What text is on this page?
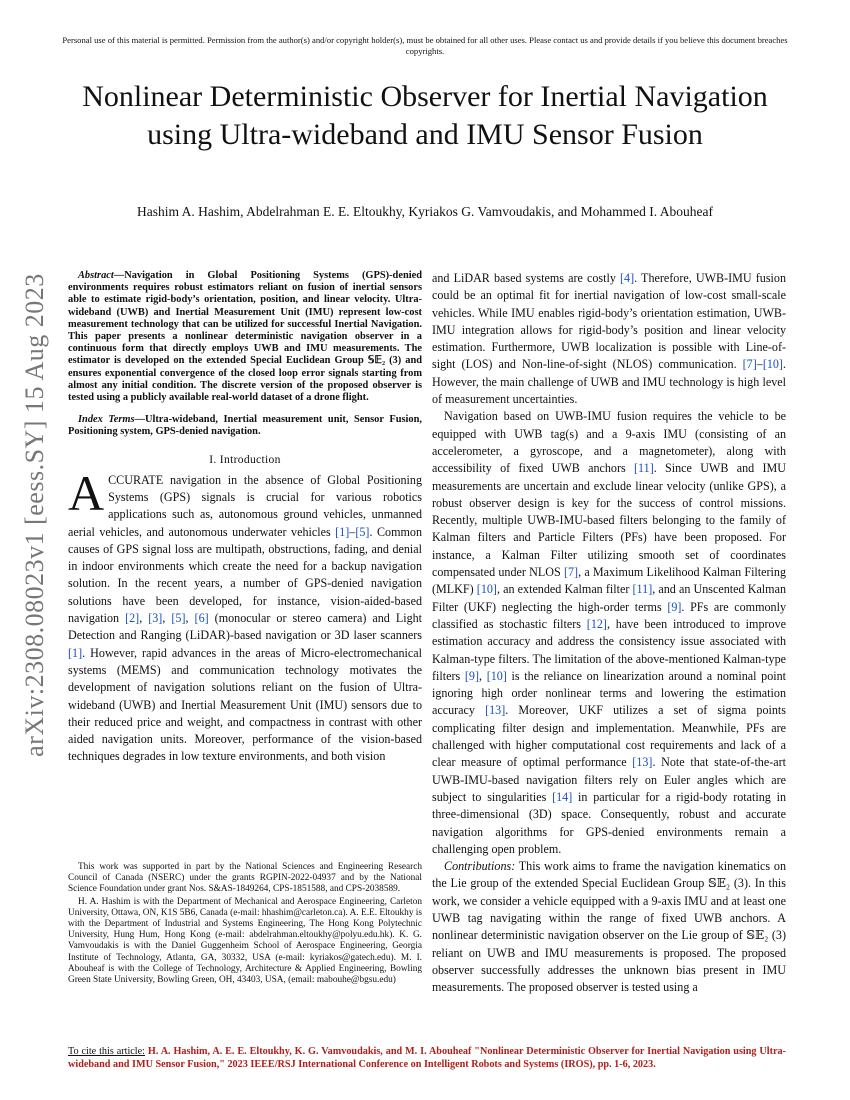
Personal use of this material is permitted. Permission from the author(s) and/or copyright holder(s), must be obtained for all other uses. Please contact us and provide details if you believe this document breaches copyrights.
Nonlinear Deterministic Observer for Inertial Navigation using Ultra-wideband and IMU Sensor Fusion
Hashim A. Hashim, Abdelrahman E. E. Eltoukhy, Kyriakos G. Vamvoudakis, and Mohammed I. Abouheaf
arXiv:2308.08023v1 [eess.SY] 15 Aug 2023	Abstract—Navigation in Global Positioning Systems (GPS)-denied environments requires robust estimators reliant on fusion of inertial sensors able to estimate rigid-body’s orientation, position, and linear velocity. Ultra-wideband (UWB) and Inertial Measurement Unit (IMU) represent low-cost measurement technology that can be utilized for successful Inertial Navigation. This paper presents a nonlinear deterministic navigation observer in a continuous form that directly employs UWB and IMU measurements. The estimator is developed on the extended Special Euclidean Group 𝕊𝔼₂ (3) and ensures exponential convergence of the closed loop error signals starting from almost any initial condition. The discrete version of the proposed observer is tested using a publicly available real-world dataset of a drone flight.

Index Terms—Ultra-wideband, Inertial measurement unit, Sensor Fusion, Positioning system, GPS-denied navigation.

I. Introduction

ACCURATE navigation in the absence of Global Positioning Systems (GPS) signals is crucial for various robotics applications such as, autonomous ground vehicles, unmanned aerial vehicles, and autonomous underwater vehicles [1]–[5]. Common causes of GPS signal loss are multipath, obstructions, fading, and denial in indoor environments which create the need for a backup navigation solution. In the recent years, a number of GPS-denied navigation solutions have been developed, for instance, vision-aided-based navigation [2], [3], [5], [6] (monocular or stereo camera) and Light Detection and Ranging (LiDAR)-based navigation or 3D laser scanners [1]. However, rapid advances in the areas of Micro-electromechanical systems (MEMS) and communication technology motivates the development of navigation solutions reliant on the fusion of Ultra-wideband (UWB) and Inertial Measurement Unit (IMU) sensors due to their reduced price and weight, and compactness in contrast with other aided navigation units. Moreover, performance of the vision-based techniques degrades in low texture environments, and both vision

This work was supported in part by the National Sciences and Engineering Research Council of Canada (NSERC) under the grants RGPIN-2022-04937 and by the National Science Foundation under grant Nos. S&AS-1849264, CPS-1851588, and CPS-2038589.

H. A. Hashim is with the Department of Mechanical and Aerospace Engineering, Carleton University, Ottawa, ON, K1S 5B6, Canada (e-mail: hhashim@carleton.ca). A. E.E. Eltoukhy is with the Department of Industrial and Systems Engineering, The Hong Kong Polytechnic University, Hung Hum, Hong Kong (e-mail: abdelrahman.eltoukhy@polyu.edu.hk). K. G. Vamvoudakis is with the Daniel Guggenheim School of Aerospace Engineering, Georgia Institute of Technology, Atlanta, GA, 30332, USA (e-mail: kyriakos@gatech.edu). M. I. Abouheaf is with the College of Technology, Architecture & Applied Engineering, Bowling Green State University, Bowling Green, OH, 43403, USA, (email: mabouhe@bgsu.edu)

and LiDAR based systems are costly [4]. Therefore, UWB-IMU fusion could be an optimal fit for inertial navigation of low-cost small-scale vehicles. While IMU enables rigid-body’s orientation estimation, UWB-IMU integration allows for rigid-body’s position and linear velocity estimation. Furthermore, UWB localization is possible with Line-of-sight (LOS) and Non-line-of-sight (NLOS) communication. [7]–[10]. However, the main challenge of UWB and IMU technology is high level of measurement uncertainties.

Navigation based on UWB-IMU fusion requires the vehicle to be equipped with UWB tag(s) and a 9-axis IMU (consisting of an accelerometer, a gyroscope, and a magnetometer), along with accessibility of fixed UWB anchors [11]. Since UWB and IMU measurements are uncertain and exclude linear velocity (unlike GPS), a robust observer design is key for the success of control missions. Recently, multiple UWB-IMU-based filters belonging to the family of Kalman filters and Particle Filters (PFs) have been proposed. For instance, a Kalman Filter utilizing smooth set of coordinates compensated under NLOS [7], a Maximum Likelihood Kalman Filtering (MLKF) [10], an extended Kalman filter [11], and an Unscented Kalman Filter (UKF) neglecting the high-order terms [9]. PFs are commonly classified as stochastic filters [12], have been introduced to improve estimation accuracy and address the consistency issue associated with Kalman-type filters. The limitation of the above-mentioned Kalman-type filters [9], [10] is the reliance on linearization around a nominal point ignoring high order nonlinear terms and lowering the estimation accuracy [13]. Moreover, UKF utilizes a set of sigma points complicating filter design and implementation. Meanwhile, PFs are challenged with higher computational cost requirements and lack of a clear measure of optimal performance [13]. Note that state-of-the-art UWB-IMU-based navigation filters rely on Euler angles which are subject to singularities [14] in particular for a rigid-body rotating in three-dimensional (3D) space. Consequently, robust and accurate navigation algorithms for GPS-denied environments remain a challenging open problem.

Contributions: This work aims to frame the navigation kinematics on the Lie group of the extended Special Euclidean Group 𝕊𝔼₂ (3). In this work, we consider a vehicle equipped with a 9-axis IMU and at least one UWB tag navigating within the range of fixed UWB anchors. A nonlinear deterministic navigation observer on the Lie group of 𝕊𝔼₂ (3) reliant on UWB and IMU measurements is proposed. The proposed observer successfully addresses the unknown bias present in IMU measurements. The proposed observer is tested using a

To cite this article: H. A. Hashim, A. E. E. Eltoukhy, K. G. Vamvoudakis, and M. I. Abouheaf "Nonlinear Deterministic Observer for Inertial Navigation using Ultra-wideband and IMU Sensor Fusion," 2023 IEEE/RSJ International Conference on Intelligent Robots and Systems (IROS), pp. 1-6, 2023.
